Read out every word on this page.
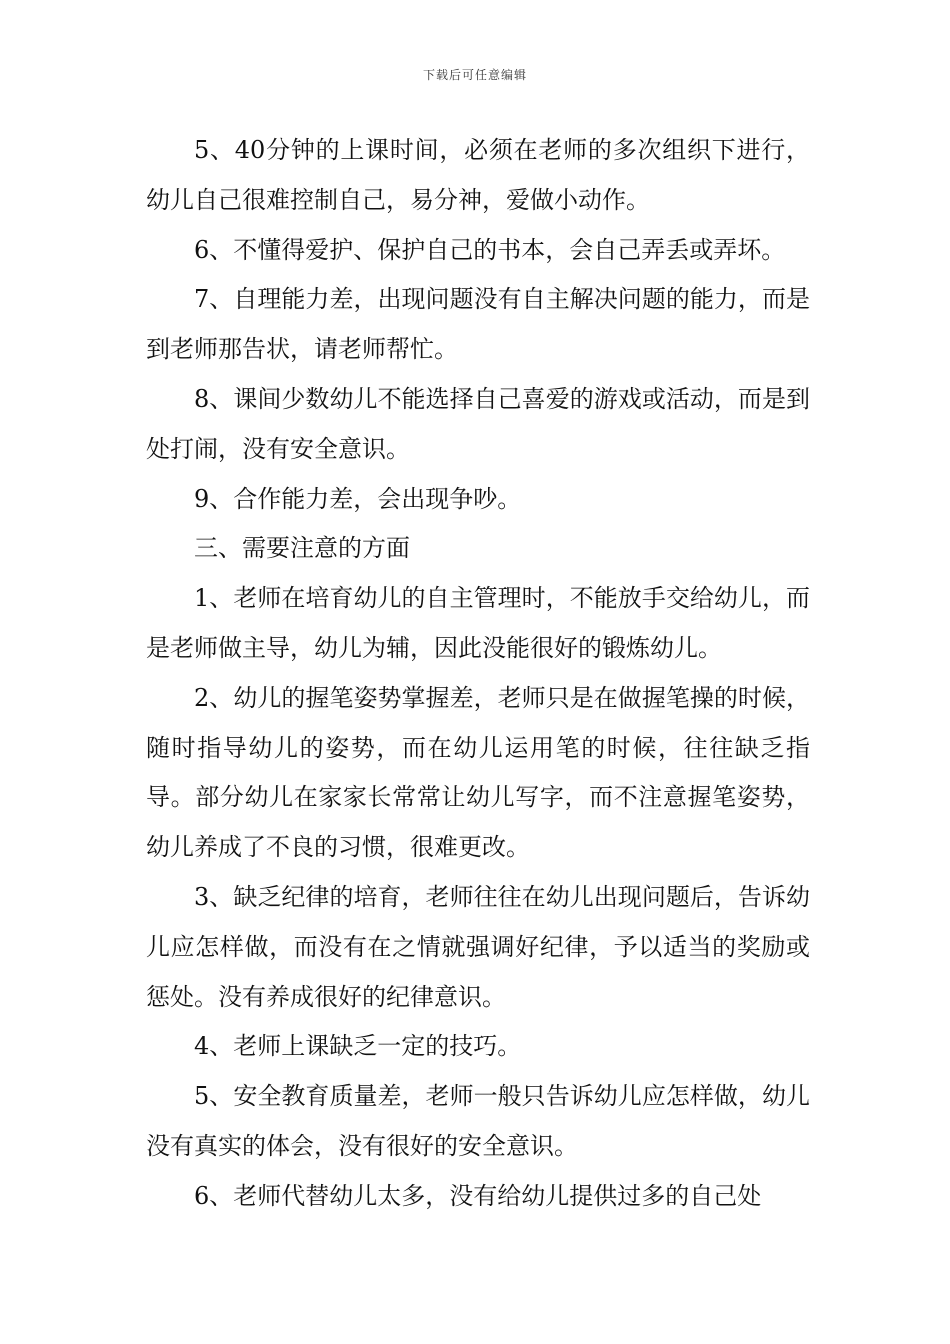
下载后可任意编辑

5、40分钟的上课时间，必须在老师的多次组织下进行，幼儿自己很难控制自己，易分神，爱做小动作。

6、不懂得爱护、保护自己的书本，会自己弄丢或弄坏。

7、自理能力差，出现问题没有自主解决问题的能力，而是到老师那告状，请老师帮忙。

8、课间少数幼儿不能选择自己喜爱的游戏或活动，而是到处打闹，没有安全意识。

9、合作能力差，会出现争吵。

三、需要注意的方面

1、老师在培育幼儿的自主管理时，不能放手交给幼儿，而是老师做主导，幼儿为辅，因此没能很好的锻炼幼儿。

2、幼儿的握笔姿势掌握差，老师只是在做握笔操的时候，随时指导幼儿的姿势，而在幼儿运用笔的时候，往往缺乏指导。部分幼儿在家家长常常让幼儿写字，而不注意握笔姿势，幼儿养成了不良的习惯，很难更改。

3、缺乏纪律的培育，老师往往在幼儿出现问题后，告诉幼儿应怎样做，而没有在之情就强调好纪律，予以适当的奖励或惩处。没有养成很好的纪律意识。

4、老师上课缺乏一定的技巧。

5、安全教育质量差，老师一般只告诉幼儿应怎样做，幼儿没有真实的体会，没有很好的安全意识。

6、老师代替幼儿太多，没有给幼儿提供过多的自己处
